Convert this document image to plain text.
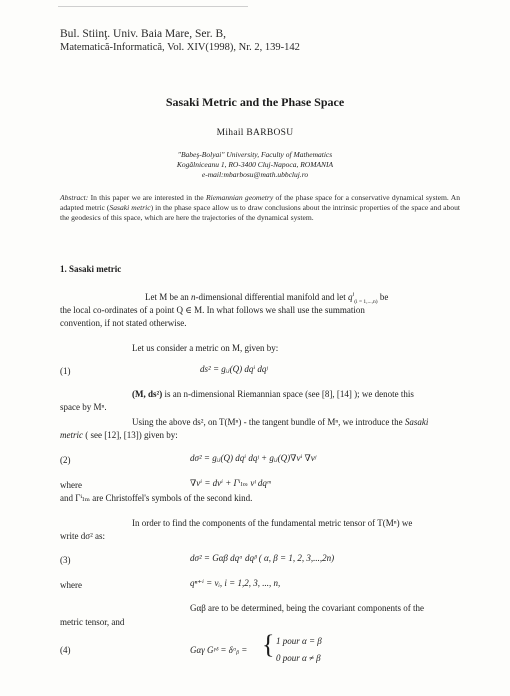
Bul. Stiinţ. Univ. Baia Mare, Ser. B,
Matematică-Informatică, Vol. XIV(1998), Nr. 2, 139-142
Sasaki Metric and the Phase Space
Mihail BARBOSU
"Babeş-Bolyai" University, Faculty of Mathematics
Kogălniceanu 1, RO-3400 Cluj-Napoca, ROMANIA
e-mail:mbarbosu@math.ubbcluj.ro
Abstract: In this paper we are interested in the Riemannian geometry of the phase space for a conservative dynamical system. An adapted metric (Sasaki metric) in the phase space allow us to draw conclusions about the intrinsic properties of the space and about the geodesics of this space, which are here the trajectories of the dynamical system.
1. Sasaki metric
Let M be an n-dimensional differential manifold and let $q^i_{(i = 1,...,n)}$ be
the local co-ordinates of a point Q ∈ M. In what follows we shall use the summation
convention, if not stated otherwise.
Let us consider a metric on M, given by:
(1)	ds² = gᵢⱼ(Q) dqⁱ dqʲ
(M, ds²) is an n-dimensional Riemannian space (see [8], [14] ); we denote this
space by Mⁿ.
Using the above ds², on T(Mⁿ) - the tangent bundle of Mⁿ, we introduce the Sasaki
metric ( see [12], [13]) given by:
(2)	dσ² = gᵢⱼ(Q) dqⁱ dqʲ + gᵢⱼ(Q)∇vⁱ ∇vʲ
where	∇vⁱ = dvⁱ + Γⁱₗₘ vˡ dqᵐ
and Γⁱₗₘ are Christoffel's symbols of the second kind.
In order to find the components of the fundamental metric tensor of T(Mⁿ) we
write dσ² as:
(3)	dσ² = Gαβ dqᵅ dqᵝ ( α, β = 1, 2, 3,...,2n)
where	qⁿ⁺ⁱ = vᵢ, i = 1,2, 3, ..., n,
Gαβ are to be determined, being the covariant components of the
metric tensor, and
(4)	Gαγ Gᵞᵟ = δᵅᵦ = { 1 pour α = β
0 pour α ≠ β
